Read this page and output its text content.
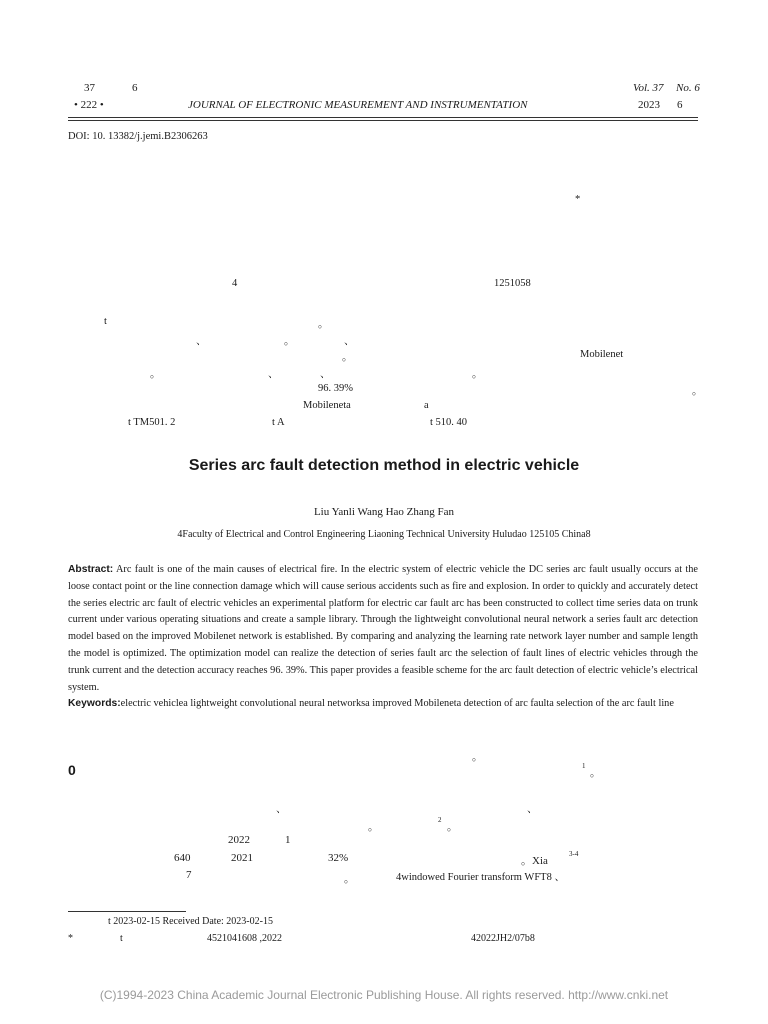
37	6
• 222 •	JOURNAL OF ELECTRONIC MEASUREMENT AND INSTRUMENTATION
Vol. 37 No. 6
2023 6
DOI: 10. 13382/j.jemi.B2306263
*
4	1251058
t	。
、	。	、
。	Mobilenet
。	、	、	。
96. 39%	。
Mobileneta	a
t TM501. 2	t A	t 510. 40
Series arc fault detection method in electric vehicle
Liu Yanli Wang Hao Zhang Fan
4Faculty of Electrical and Control Engineering Liaoning Technical University Huludao 125105 China8
Abstract: Arc fault is one of the main causes of electrical fire. In the electric system of electric vehicle the DC series arc fault usually occurs at the loose contact point or the line connection damage which will cause serious accidents such as fire and explosion. In order to quickly and accurately detect the series electric arc fault of electric vehicles an experimental platform for electric car fault arc has been constructed to collect time series data on trunk current under various operating situations and create a sample library. Through the lightweight convolutional neural network a series fault arc detection model based on the improved Mobilenet network is established. By comparing and analyzing the learning rate network layer number and sample length the model is optimized. The optimization model can realize the detection of series fault arc the selection of fault lines of electric vehicles through the trunk current and the detection accuracy reaches 96. 39%. This paper provides a feasible scheme for the arc fault detection of electric vehicle’s electrical system.
Keywords:electric vehiclea lightweight convolutional neural networksa improved Mobileneta detection of arc faulta selection of the arc fault line
。
0	1
。
、	、
。
2
。
2022	1
640	2021	32%	。Xia
3-4
7	。	4windowed Fourier transform WFT8 、
t 2023-02-15 Received Date: 2023-02-15
*	t	4521041608 ,2022	42022JH2/07b8
(C)1994-2023 China Academic Journal Electronic Publishing House. All rights reserved. http://www.cnki.net
